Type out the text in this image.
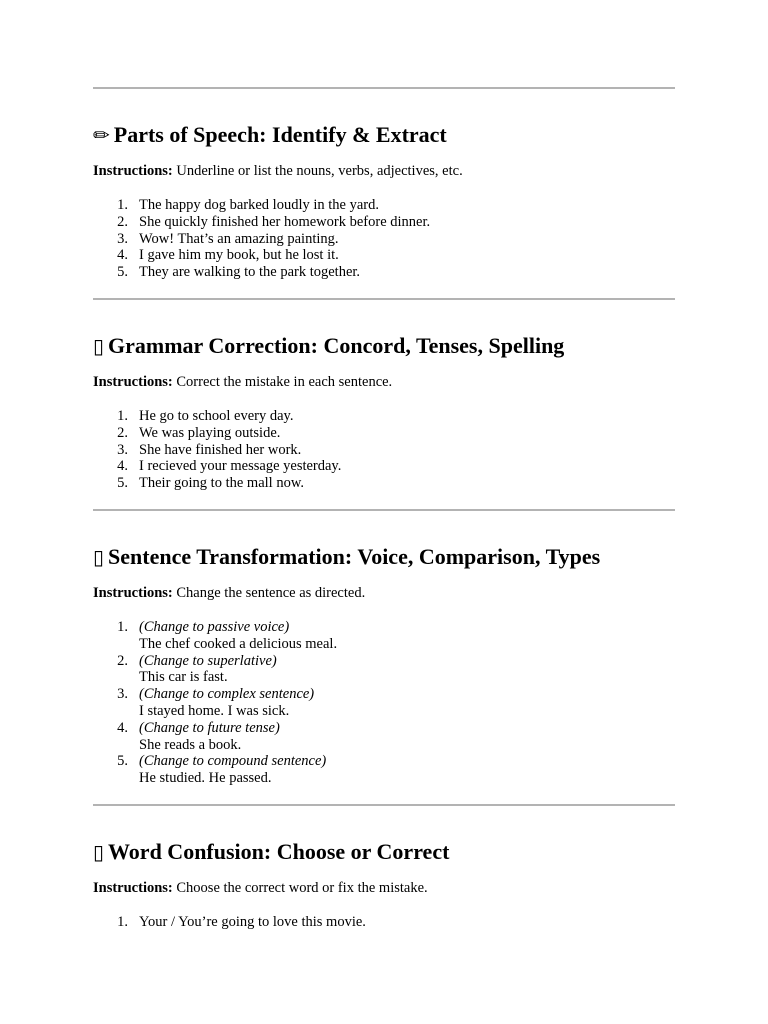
✏ Parts of Speech: Identify & Extract

Instructions: Underline or list the nouns, verbs, adjectives, etc.

1. The happy dog barked loudly in the yard.
2. She quickly finished her homework before dinner.
3. Wow! That’s an amazing painting.
4. I gave him my book, but he lost it.
5. They are walking to the park together.
▯ Grammar Correction: Concord, Tenses, Spelling

Instructions: Correct the mistake in each sentence.

1. He go to school every day.
2. We was playing outside.
3. She have finished her work.
4. I recieved your message yesterday.
5. Their going to the mall now.
▯ Sentence Transformation: Voice, Comparison, Types

Instructions: Change the sentence as directed.

1. (Change to passive voice)
The chef cooked a delicious meal.
2. (Change to superlative)
This car is fast.
3. (Change to complex sentence)
I stayed home. I was sick.
4. (Change to future tense)
She reads a book.
5. (Change to compound sentence)
He studied. He passed.
▯ Word Confusion: Choose or Correct

Instructions: Choose the correct word or fix the mistake.

1. Your / You’re going to love this movie.
